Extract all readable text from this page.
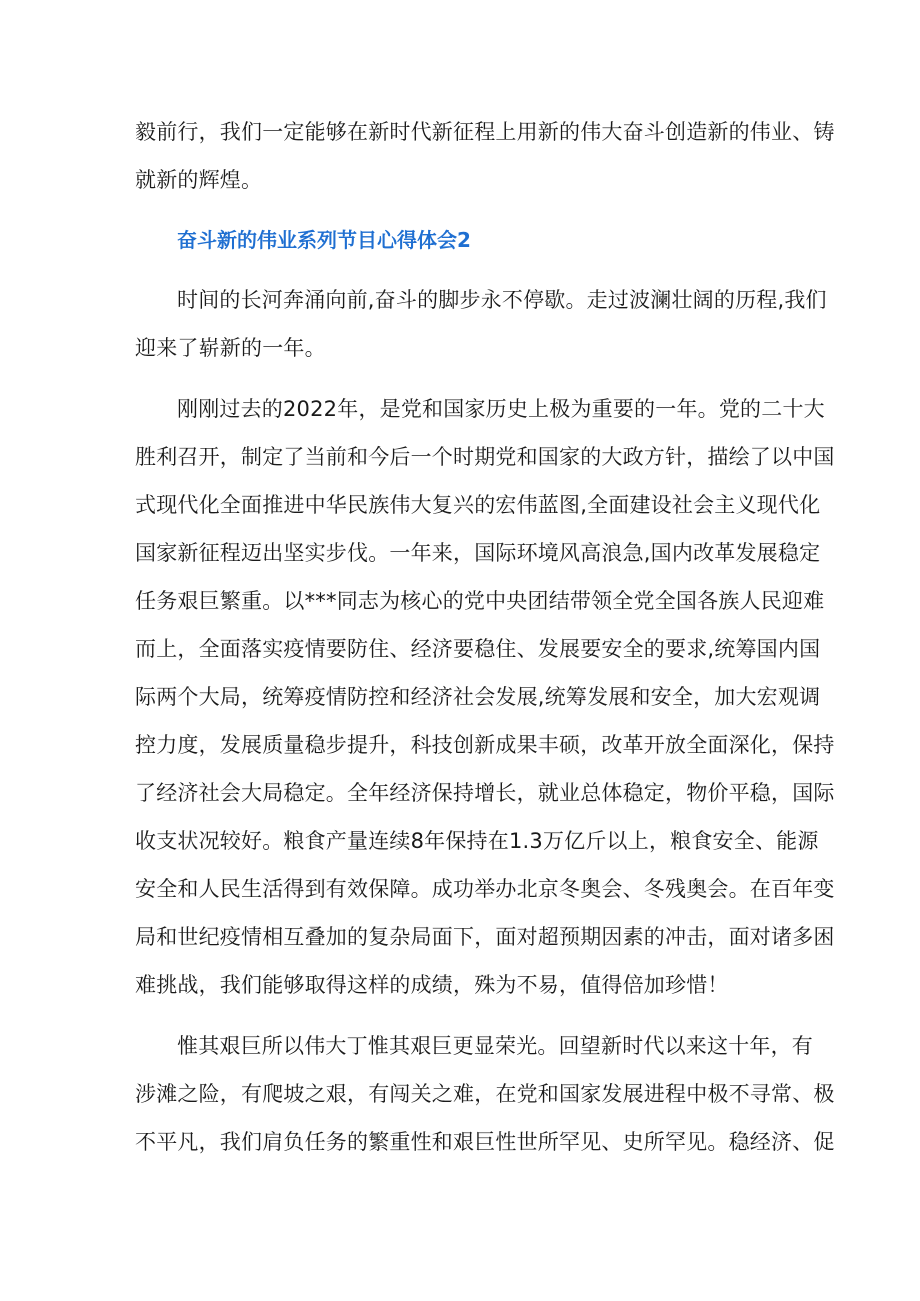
毅前行，我们一定能够在新时代新征程上用新的伟大奋斗创造新的伟业、铸
就新的辉煌。
奋斗新的伟业系列节目心得体会2
时间的长河奔涌向前,奋斗的脚步永不停歇。走过波澜壮阔的历程,我们
迎来了崭新的一年。
刚刚过去的2022年，是党和国家历史上极为重要的一年。党的二十大
胜利召开，制定了当前和今后一个时期党和国家的大政方针，描绘了以中国
式现代化全面推进中华民族伟大复兴的宏伟蓝图,全面建设社会主义现代化
国家新征程迈出坚实步伐。一年来，国际环境风高浪急,国内改革发展稳定
任务艰巨繁重。以***同志为核心的党中央团结带领全党全国各族人民迎难
而上，全面落实疫情要防住、经济要稳住、发展要安全的要求,统筹国内国
际两个大局，统筹疫情防控和经济社会发展,统筹发展和安全，加大宏观调
控力度，发展质量稳步提升，科技创新成果丰硕，改革开放全面深化，保持
了经济社会大局稳定。全年经济保持增长，就业总体稳定，物价平稳，国际
收支状况较好。粮食产量连续8年保持在1.3万亿斤以上，粮食安全、能源
安全和人民生活得到有效保障。成功举办北京冬奥会、冬残奥会。在百年变
局和世纪疫情相互叠加的复杂局面下，面对超预期因素的冲击，面对诸多困
难挑战，我们能够取得这样的成绩，殊为不易，值得倍加珍惜！
惟其艰巨所以伟大丁惟其艰巨更显荣光。回望新时代以来这十年，有
涉滩之险，有爬坡之艰，有闯关之难，在党和国家发展进程中极不寻常、极
不平凡，我们肩负任务的繁重性和艰巨性世所罕见、史所罕见。稳经济、促
